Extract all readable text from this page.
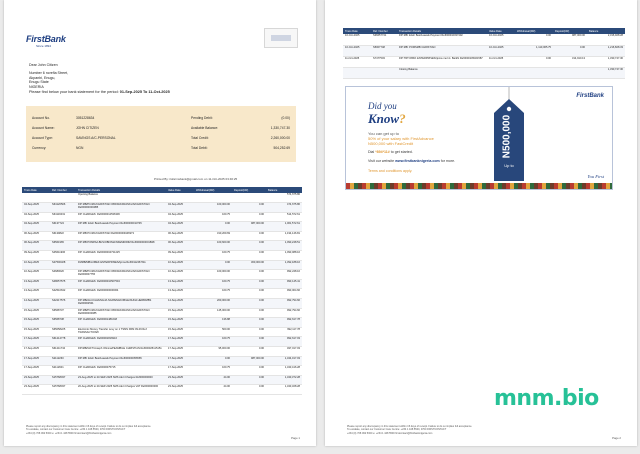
FirstBank
Since 1894
Dear John Citizen
Number 6 ncrefia Street,
Akpanbi, Enugu,
Enugu State
NIGERIA
Please find below your bank statement for the period: 01-Sep-2025 To 11-Oct-2025
Account No.	3051228634
Account Name:	JOHN CITIZEN
Account Type:	SAVINGS A/C-PERSONAL
Currency:	NGN
Pending Debit:	(0.00)
Available Balance:	1,330,747.30
Total Credit:	2,260,000.00
Total Debit:	504,252.69
Printed By: ilofarmsbank@gmail.com on 11-Oct-2025 03:46:25
Trans Date	Ref. Number	Transaction Details	Value Date	Withdrawal(DR)	Deposit(CR)	Balance
		Opening Balance				574,675.86
04-Sep-2025	S64120506	FIP:MB/PC/MC/CHRISTIAN OBIORA/FRANKLIN/CHRISTIAN Ref000000002B5	04-Sep-2025	100,000.00	0.00	474,675.86
04-Sep-2025	S64116031	FIP CHARGES: Ref0000012536306	04-Sep-2025	160.75	0.00	514,572.61
04-Sep-2025	S6137724	FIP:MB: Ezeh Best/Lawals Payment Ref000000193745	04-Sep-2025	0.00	987,000.00	1,061,572.61
06-Sep-2025	S6139822	FIP:MB:PC/MC/CHRISTIAN Ref0000009446973	06-Sep-2025	310,209.69	0.00	1,194,146.81
06-Sep-2025	S6561965	FIP:MB:POMPA/LBUS/OBIOMA/NKEMDIRIM Ref0000000001B28	06-Sep-2025	100,600.00	0.00	1,093,248.51
09-Sep-2025	S45611906	FIP CHARGES: Ref0000004731225	09-Sep-2025	160.75	0.00	1,093,088.16
10-Sep-2025	S47500328	FMMB/MB/LOBEK ENTERPRISES/Ijoma Ref00112467NG	10-Sep-2025	0.00	300,000.00	1,392,188.16
10-Sep-2025	S4680620	FIP:MB/PC/MC/CHRISTIAN OBIORA/FRANKLIN/CHRISTIAN Ref000007755	10-Sep-2025	100,000.00	0.00	992,248.16
13-Sep-2025	S48057575	FIP CHARGES: Ref0000010507504	13-Sep-2025	160.75	0.00	993,145.41
13-Sep-2025	S42510632	FIP CHARGES: Ref000000006064	13-Sep-2025	160.75	0.00	993,004.66
14-Sep-2025	S42217576	FIP:MB/ALC/CHIA/NAIJA NG/PENAKOBILE/NUNA HERB/MBS Ref00002501	14-Sep-2025	200,000.00	0.00	992,794.66
15-Sep-2025	S6568737	FIP:MB/PC/MC/CHRISTIAN OBIORA/FRANKLIN/CHRISTIAN Ref0000000085	15-Sep-2025	145,000.00	0.00	992,794.66
15-Sep-2025	S6568738	FIP CHARGES: Ref00001481648	15-Sep-2025	136.88	0.00	992,617.78
15-Sep-2025	S65058225	Electronic Money Transfer Levy on 1 TSMS FRM 09-09 Ref: TRANSACTION/0	15-Sep-2025	500.00	0.00	992,117.78
17-Sep-2025	S61214778	FIP CHARGES: Ref00001816916	17-Sep-2025	160.75	0.00	992,617.03
17-Sep-2025	S61211734	FIP/MB/GIFT/Joseph Obinna/PEAMBILE CHRISTIAN Ref000025115151	17-Sep-2025	95,000.00	0.00	497,017.03
17-Sep-2025	S2112260	FIP:MB: Ezeh Best/Lawals Payment Ref000000056565	17-Sep-2025	0.00	987,000.00	1,344,017.03
17-Sep-2025	S2112601	FIP CHARGES: Ref0000075715	17-Sep-2025	160.75	0.00	1,343,416.28
23-Sep-2025	S15768037	23-Aug-2025 to 23-SEP-2025 SMS Alert Charges Ref000000000	23-Sep-2025	44.00	0.00	1,343,372.28
23-Sep-2025	S15768037	20-Aug-2025 to 20-SEP-2025 SMS Alert Charges VAT Ref000000000	23-Sep-2025	44.00	0.00	1,343,328.28
Please report any discrepancy in this statement within 15 days of receipt. Failure to do so implies full acceptance.
To escalate, contact our Customer Care Centre: +234 1 448 5500, 0700 FIRSTCONTACT
+234 (0) 708 062 5000 e: +234 1 448 5500 firstcontact@firstbanknigeria.com
Page 1
Trans Date	Ref. Number	Transaction Details	Value Date	Withdrawal(DR)	Deposit(CR)	Balance
10-Oct-2025	S36657741	FIP:MB: Ezeh Best/Lawals Payment Ref000010037402	10-Oct-2025	0.00	987,000.00	2,316,928.28
10-Oct-2025	S5007748	FIP:MB: POMSMB CHRISTIAN	10-Oct-2025	1,110,065.75	0.00	1,216,828.33
11-Oct-2025	S7477503	FIP:TRT:OBKK ENTERPRISES/Ijoma me Int. Barkhi Ref0000105461587	11-Oct-2025	0.00	314,910.13	1,330,747.30
		Closing Balance				1,330,747.30
Did you
Know?
You can get up to
50% of your salary with FirstAdvance
N500,000 with FastCredit
Dial *894*11# to get started.
Visit our website www.firstbanknigeria.com for more.
Terms and conditions apply.
FirstBank
N500,000
Up to
You First
Please report any discrepancy in this statement within 15 days of receipt. Failure to do so implies full acceptance.
To escalate, contact our Customer Care Centre: +234 1 448 5500, 0700 FIRSTCONTACT
+234 (0) 708 062 5000 e: +234 1 448 5500 firstcontact@firstbanknigeria.com
Page 2
mnm.bio
